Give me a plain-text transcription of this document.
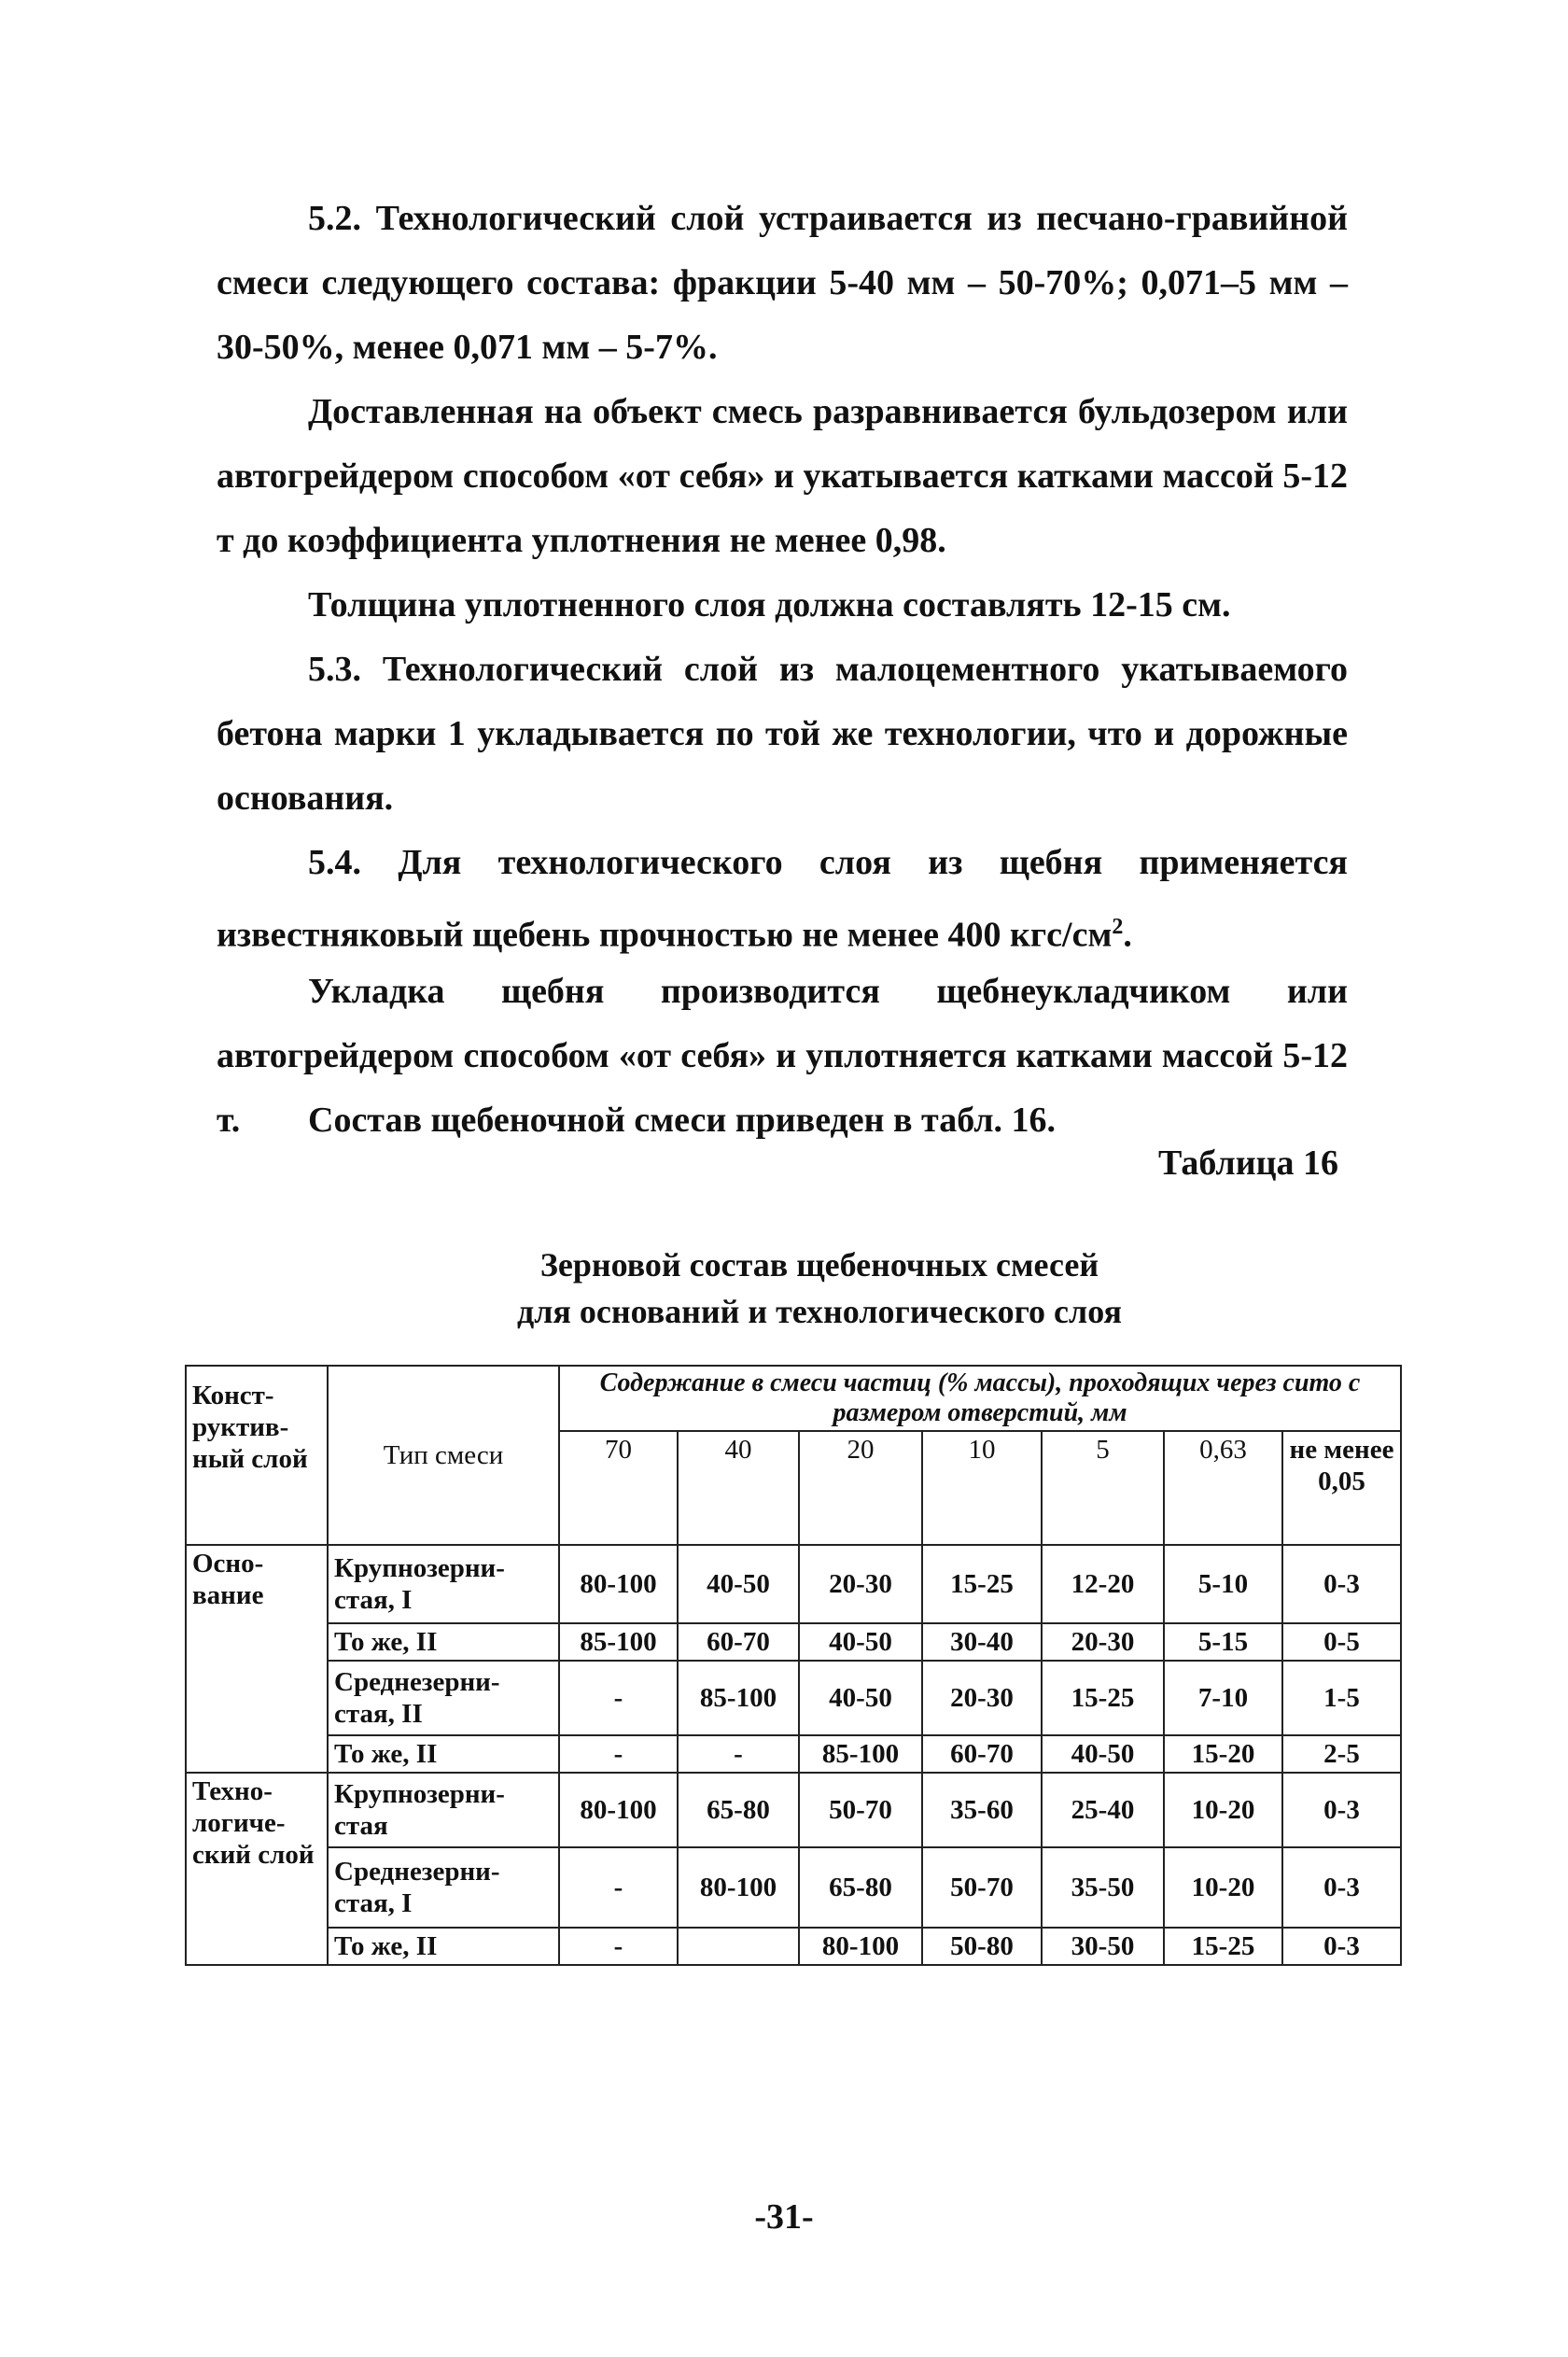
5.2. Технологический слой устраивается из песчано-гравийной смеси следующего состава: фракции 5-40 мм – 50-70%; 0,071–5 мм – 30-50%, менее 0,071 мм – 5-7%.
Доставленная на объект смесь разравнивается бульдозером или автогрейдером способом «от себя» и укатывается катками массой 5-12 т до коэффициента уплотнения не менее 0,98.
Толщина уплотненного слоя должна составлять 12-15 см.
5.3. Технологический слой из малоцементного укатываемого бетона марки 1 укладывается по той же технологии, что и дорожные основания.
5.4. Для технологического слоя из щебня применяется известняковый щебень прочностью не менее 400 кгс/$см^2$.
Укладка щебня производится щебнеукладчиком или автогрейдером способом «от себя» и уплотняется катками массой 5-12 т.	Состав щебеночной смеси приведен в табл. 16.
Таблица 16
Зерновой состав щебеночных смесей
для оснований и технологического слоя
Конст-руктив-ный слой	Тип смеси	Содержание в смеси частиц (% массы), проходящих через сито с размером отверстий, мм						
		70	40	20	10	5	0,63	не менее 0,05
Осно-вание	Крупнозерни-стая, I	80-100	40-50	20-30	15-25	12-20	5-10	0-3
	То же, II	85-100	60-70	40-50	30-40	20-30	5-15	0-5
	Среднезерни-стая, II	-	85-100	40-50	20-30	15-25	7-10	1-5
	То же, II	-	-	85-100	60-70	40-50	15-20	2-5
Техно-логиче-ский слой	Крупнозерни-стая	80-100	65-80	50-70	35-60	25-40	10-20	0-3
	Среднезерни-стая, I	-	80-100	65-80	50-70	35-50	10-20	0-3
	То же, II	-		80-100	50-80	30-50	15-25	0-3
-31-
